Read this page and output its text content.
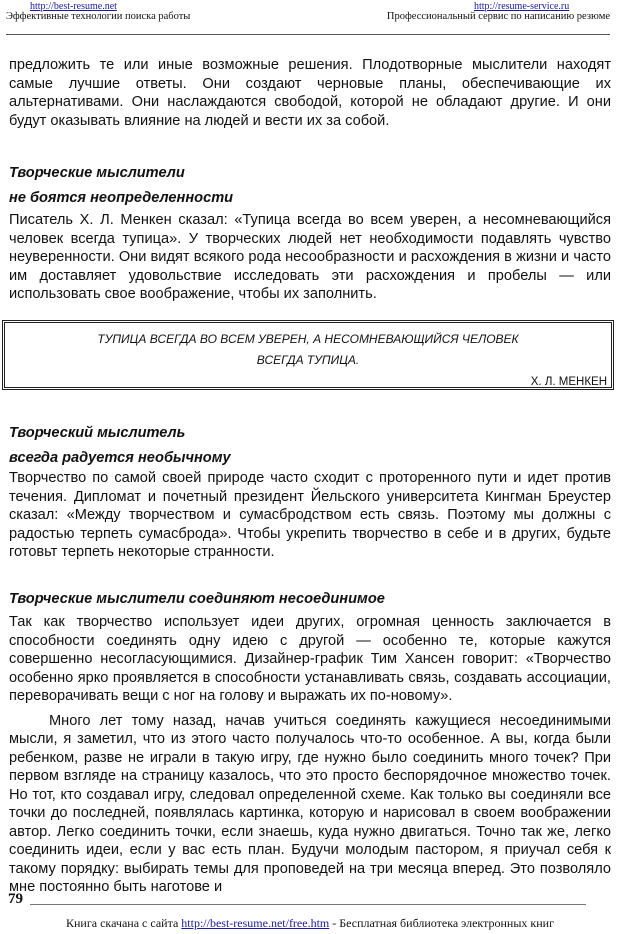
http://best-resume.net	http://resume-service.ru
Эффективные технологии поиска работы	Профессиональный сервис по написанию резюме

предложить те или иные возможные решения. Плодотворные мыслители находят самые лучшие ответы. Они создают черновые планы, обеспечивающие их альтернативами. Они наслаждаются свободой, которой не обладают другие. И они будут оказывать влияние на людей и вести их за собой.

Творческие мыслители
не боятся неопределенности

Писатель Х. Л. Менкен сказал: «Тупица всегда во всем уверен, а несомневающийся человек всегда тупица». У творческих людей нет необходимости подавлять чувство неуверенности. Они видят всякого рода несообразности и расхождения в жизни и часто им доставляет удовольствие исследовать эти расхождения и пробелы — или использовать свое воображение, чтобы их заполнить.

ТУПИЦА ВСЕГДА ВО ВСЕМ УВЕРЕН, А НЕСОМНЕВАЮЩИЙСЯ ЧЕЛОВЕК
ВСЕГДА ТУПИЦА.
Х. Л. МЕНКЕН
Творческий мыслитель
всегда радуется необычному

Творчество по самой своей природе часто сходит с проторенного пути и идет против течения. Дипломат и почетный президент Йельского университета Кингман Бреустер сказал: «Между творчеством и сумасбродством есть связь. Поэтому мы должны с радостью терпеть сумасброда». Чтобы укрепить творчество в себе и в других, будьте готовьт терпеть некоторые странности.

Творческие мыслители соединяют несоединимое

Так как творчество использует идеи других, огромная ценность заключается в способности соединять одну идею с другой — особенно те, которые кажутся совершенно несогласующимися. Дизайнер-график Тим Хансен говорит: «Творчество особенно ярко проявляется в способности устанавливать связь, создавать ассоциации, переворачивать вещи с ног на голову и выражать их по-новому».

Много лет тому назад, начав учиться соединять кажущиеся несоединимыми мысли, я заметил, что из этого часто получалось что-то особенное. А вы, когда были ребенком, разве не играли в такую игру, где нужно было соединить много точек? При первом взгляде на страницу казалось, что это просто беспорядочное множество точек. Но тот, кто создавал игру, следовал определенной схеме. Как только вы соединяли все точки до последней, появлялась картинка, которую и нарисовал в своем воображении автор. Легко соединить точки, если знаешь, куда нужно двигаться. Точно так же, легко соединить идеи, если у вас есть план. Будучи молодым пастором, я приучал себя к такому порядку: выбирать темы для проповедей на три месяца вперед. Это позволяло мне постоянно быть наготове и

79
Книга скачана с сайта http://best-resume.net/free.htm - Бесплатная библиотека электронных книг
